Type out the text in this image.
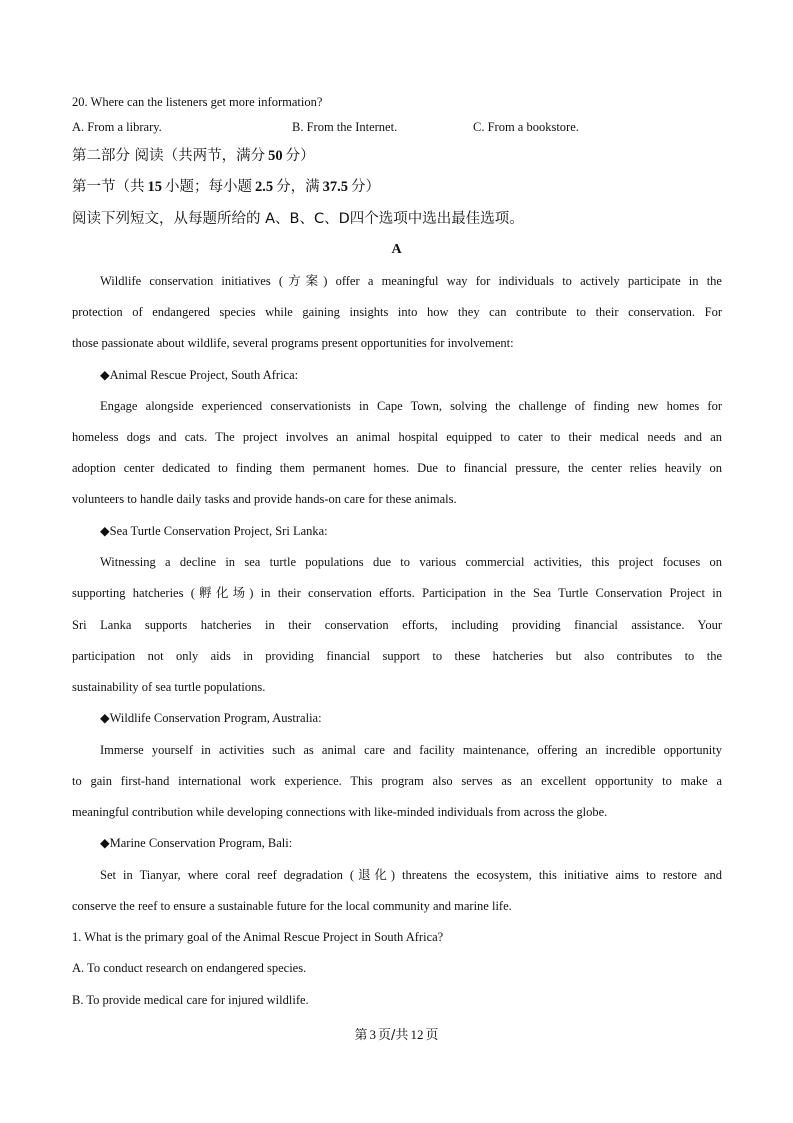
20. Where can the listeners get more information?
A. From a library.	B. From the Internet.	C. From a bookstore.
第二部分 阅读（共两节，满分 50 分）
第一节（共 15 小题；每小题 2.5 分，满 37.5 分）
阅读下列短文，从每题所给的 A、B、C、D四个选项中选出最佳选项。
A
Wildlife conservation initiatives (方案) offer a meaningful way for individuals to actively participate in the
protection of endangered species while gaining insights into how they can contribute to their conservation. For
those passionate about wildlife, several programs present opportunities for involvement:
◆Animal Rescue Project, South Africa:
Engage alongside experienced conservationists in Cape Town, solving the challenge of finding new homes for
homeless dogs and cats. The project involves an animal hospital equipped to cater to their medical needs and an
adoption center dedicated to finding them permanent homes. Due to financial pressure, the center relies heavily on
volunteers to handle daily tasks and provide hands-on care for these animals.
◆Sea Turtle Conservation Project, Sri Lanka:
Witnessing a decline in sea turtle populations due to various commercial activities, this project focuses on
supporting hatcheries (孵化场) in their conservation efforts. Participation in the Sea Turtle Conservation Project in
Sri Lanka supports hatcheries in their conservation efforts, including providing financial assistance. Your
participation not only aids in providing financial support to these hatcheries but also contributes to the
sustainability of sea turtle populations.
◆Wildlife Conservation Program, Australia:
Immerse yourself in activities such as animal care and facility maintenance, offering an incredible opportunity
to gain first-hand international work experience. This program also serves as an excellent opportunity to make a
meaningful contribution while developing connections with like-minded individuals from across the globe.
◆Marine Conservation Program, Bali:
Set in Tianyar, where coral reef degradation (退化) threatens the ecosystem, this initiative aims to restore and
conserve the reef to ensure a sustainable future for the local community and marine life.
1. What is the primary goal of the Animal Rescue Project in South Africa?
A. To conduct research on endangered species.
B. To provide medical care for injured wildlife.
第 3 页/共 12 页
